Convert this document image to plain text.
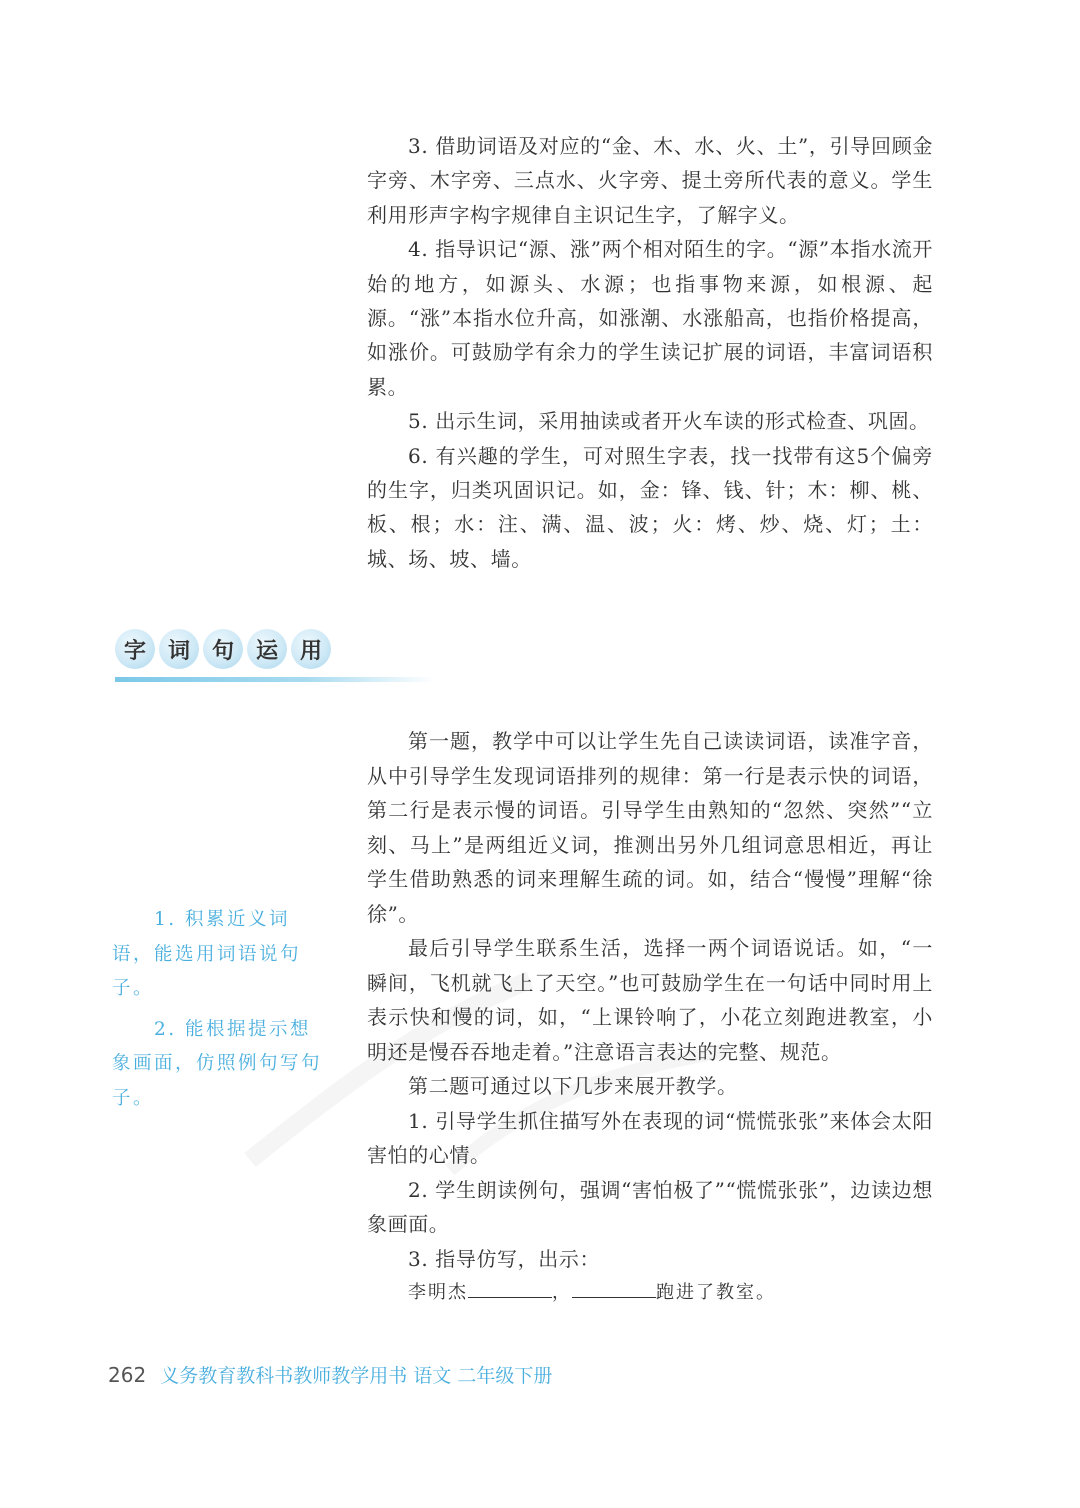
3. 借助词语及对应的“金、木、水、火、土”，引导回顾金字旁、木字旁、三点水、火字旁、提土旁所代表的意义。学生利用形声字构字规律自主识记生字，了解字义。

4. 指导识记“源、涨”两个相对陌生的字。“源”本指水流开始的地方，如源头、水源；也指事物来源，如根源、起源。“涨”本指水位升高，如涨潮、水涨船高，也指价格提高，如涨价。可鼓励学有余力的学生读记扩展的词语，丰富词语积累。

5. 出示生词，采用抽读或者开火车读的形式检查、巩固。

6. 有兴趣的学生，可对照生字表，找一找带有这5个偏旁的生字，归类巩固识记。如，金：锋、钱、针；木：柳、桃、板、根；水：注、满、温、波；火：烤、炒、烧、灯；土：城、场、坡、墙。

字 词 句 运 用

1. 积累近义词语，能选用词语说句子。

2. 能根据提示想象画面，仿照例句写句子。

第一题，教学中可以让学生先自己读读词语，读准字音，从中引导学生发现词语排列的规律：第一行是表示快的词语，第二行是表示慢的词语。引导学生由熟知的“忽然、突然”“立刻、马上”是两组近义词，推测出另外几组词意思相近，再让学生借助熟悉的词来理解生疏的词。如，结合“慢慢”理解“徐徐”。

最后引导学生联系生活，选择一两个词语说话。如，“一瞬间，飞机就飞上了天空。”也可鼓励学生在一句话中同时用上表示快和慢的词，如，“上课铃响了，小花立刻跑进教室，小明还是慢吞吞地走着。”注意语言表达的完整、规范。

第二题可通过以下几步来展开教学。

1. 引导学生抓住描写外在表现的词“慌慌张张”来体会太阳害怕的心情。

2. 学生朗读例句，强调“害怕极了”“慌慌张张”，边读边想象画面。

3. 指导仿写，出示：

李明杰	，	跑进了教室。

262 义务教育教科书教师教学用书 语文 二年级下册
